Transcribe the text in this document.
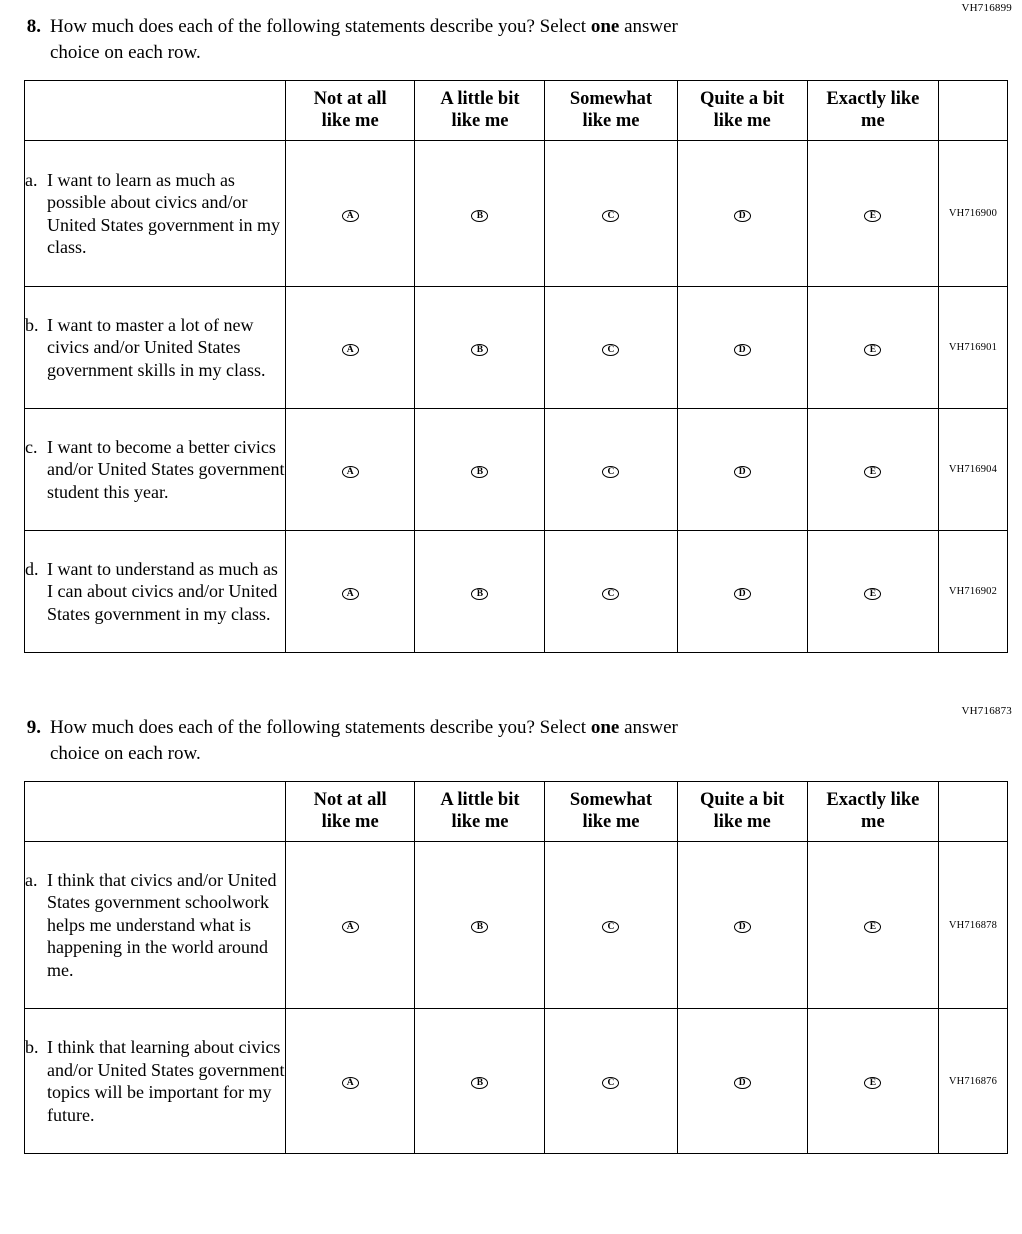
VH716899
8. How much does each of the following statements describe you? Select one answer
choice on each row.
	Not at all
like me	A little bit
like me	Somewhat
like me	Quite a bit
like me	Exactly like
me	

a. I want to learn as much as possible about civics and/or United States government in my class.	A	B	C	D	E	VH716900

b. I want to master a lot of new civics and/or United States government skills in my class.	A	B	C	D	E	VH716901

c. I want to become a better civics and/or United States government student this year.	A	B	C	D	E	VH716904

d. I want to understand as much as I can about civics and/or United States government in my class.	A	B	C	D	E	VH716902
VH716873
9. How much does each of the following statements describe you? Select one answer
choice on each row.
	Not at all
like me	A little bit
like me	Somewhat
like me	Quite a bit
like me	Exactly like
me	

a. I think that civics and/or United States government schoolwork helps me understand what is happening in the world around me.	A	B	C	D	E	VH716878

b. I think that learning about civics and/or United States government topics will be important for my future.	A	B	C	D	E	VH716876
